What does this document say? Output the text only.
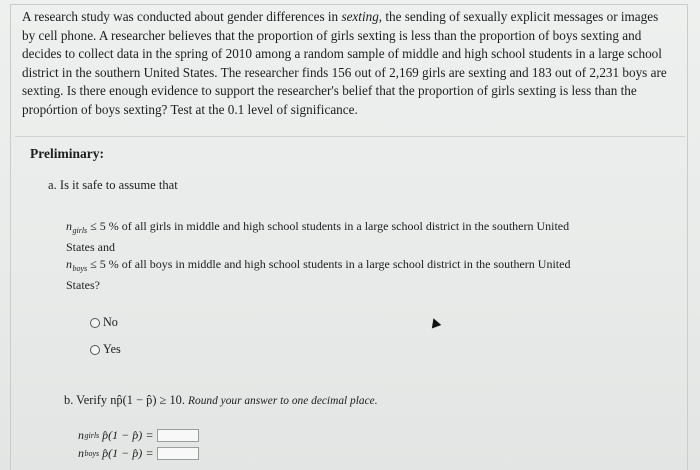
A research study was conducted about gender differences in sexting, the sending of sexually explicit messages or images by cell phone. A researcher believes that the proportion of girls sexting is less than the proportion of boys sexting and decides to collect data in the spring of 2010 among a random sample of middle and high school students in a large school district in the southern United States. The researcher finds 156 out of 2,169 girls are sexting and 183 out of 2,231 boys are sexting. Is there enough evidence to support the researcher's belief that the proportion of girls sexting is less than the propórtion of boys sexting? Test at the 0.1 level of significance.

Preliminary:
a. Is it safe to assume that
$n_{girls} \le 5$ % of all girls in middle and high school students in a large school district in the southern United States and
$n_{boys} \le 5$ % of all boys in middle and high school students in a large school district in the southern United States?
No
Yes
b. Verify np̂(1 − p̂) ≥ 10. Round your answer to one decimal place.
n girls p̂(1 − p̂) =
n boys p̂(1 − p̂) =
